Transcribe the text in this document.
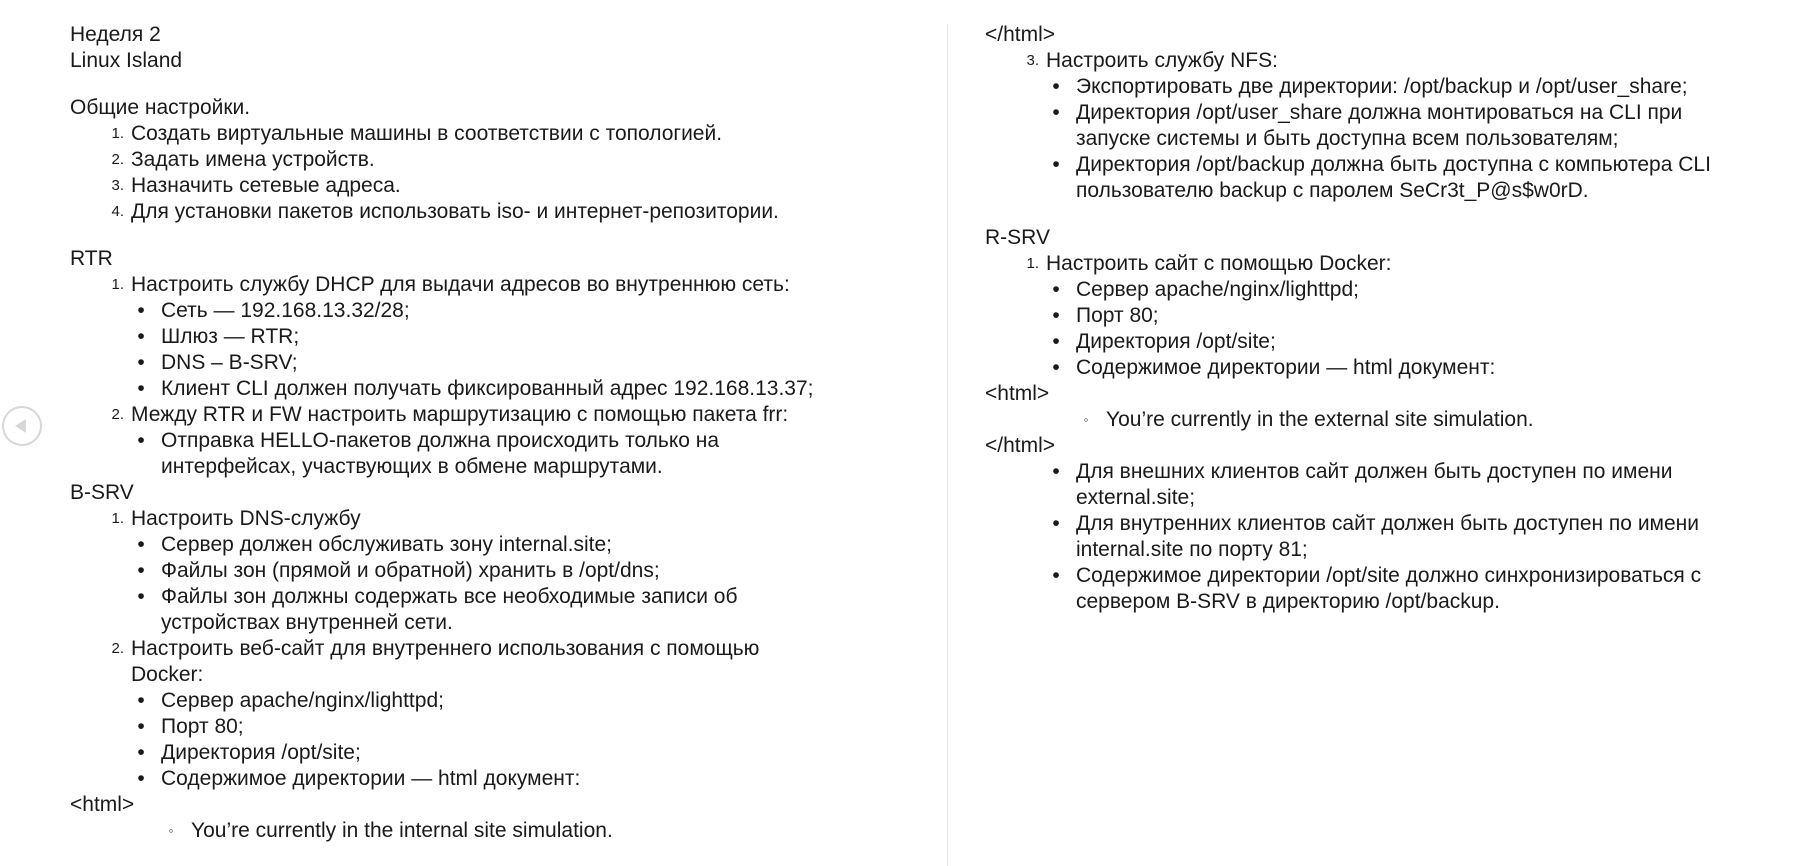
Неделя 2
Linux Island
Общие настройки.
1. Создать виртуальные машины в соответствии с топологией.
2. Задать имена устройств.
3. Назначить сетевые адреса.
4. Для установки пакетов использовать iso- и интернет-репозитории.
RTR
1. Настроить службу DHCP для выдачи адресов во внутреннюю сеть:
• Сеть — 192.168.13.32/28;
• Шлюз — RTR;
• DNS – B-SRV;
• Клиент CLI должен получать фиксированный адрес 192.168.13.37;
2. Между RTR и FW настроить маршрутизацию с помощью пакета frr:
• Отправка HELLO-пакетов должна происходить только на
интерфейсах, участвующих в обмене маршрутами.
B-SRV
1. Настроить DNS-службу
• Сервер должен обслуживать зону internal.site;
• Файлы зон (прямой и обратной) хранить в /opt/dns;
• Файлы зон должны содержать все необходимые записи об
устройствах внутренней сети.
2. Настроить веб-сайт для внутреннего использования с помощью
Docker:
• Сервер apache/nginx/lighttpd;
• Порт 80;
• Директория /opt/site;
• Содержимое директории — html документ:
<html>
◦ You’re currently in the internal site simulation.
</html>
3. Настроить службу NFS:
• Экспортировать две директории: /opt/backup и /opt/user_share;
• Директория /opt/user_share должна монтироваться на CLI при
запуске системы и быть доступна всем пользователям;
• Директория /opt/backup должна быть доступна с компьютера CLI
пользователю backup с паролем SeCr3t_P@s$w0rD.
R-SRV
1. Настроить сайт с помощью Docker:
• Сервер apache/nginx/lighttpd;
• Порт 80;
• Директория /opt/site;
• Содержимое директории — html документ:
<html>
◦ You’re currently in the external site simulation.
</html>
• Для внешних клиентов сайт должен быть доступен по имени
external.site;
• Для внутренних клиентов сайт должен быть доступен по имени
internal.site по порту 81;
• Содержимое директории /opt/site должно синхронизироваться с
сервером B-SRV в директорию /opt/backup.
